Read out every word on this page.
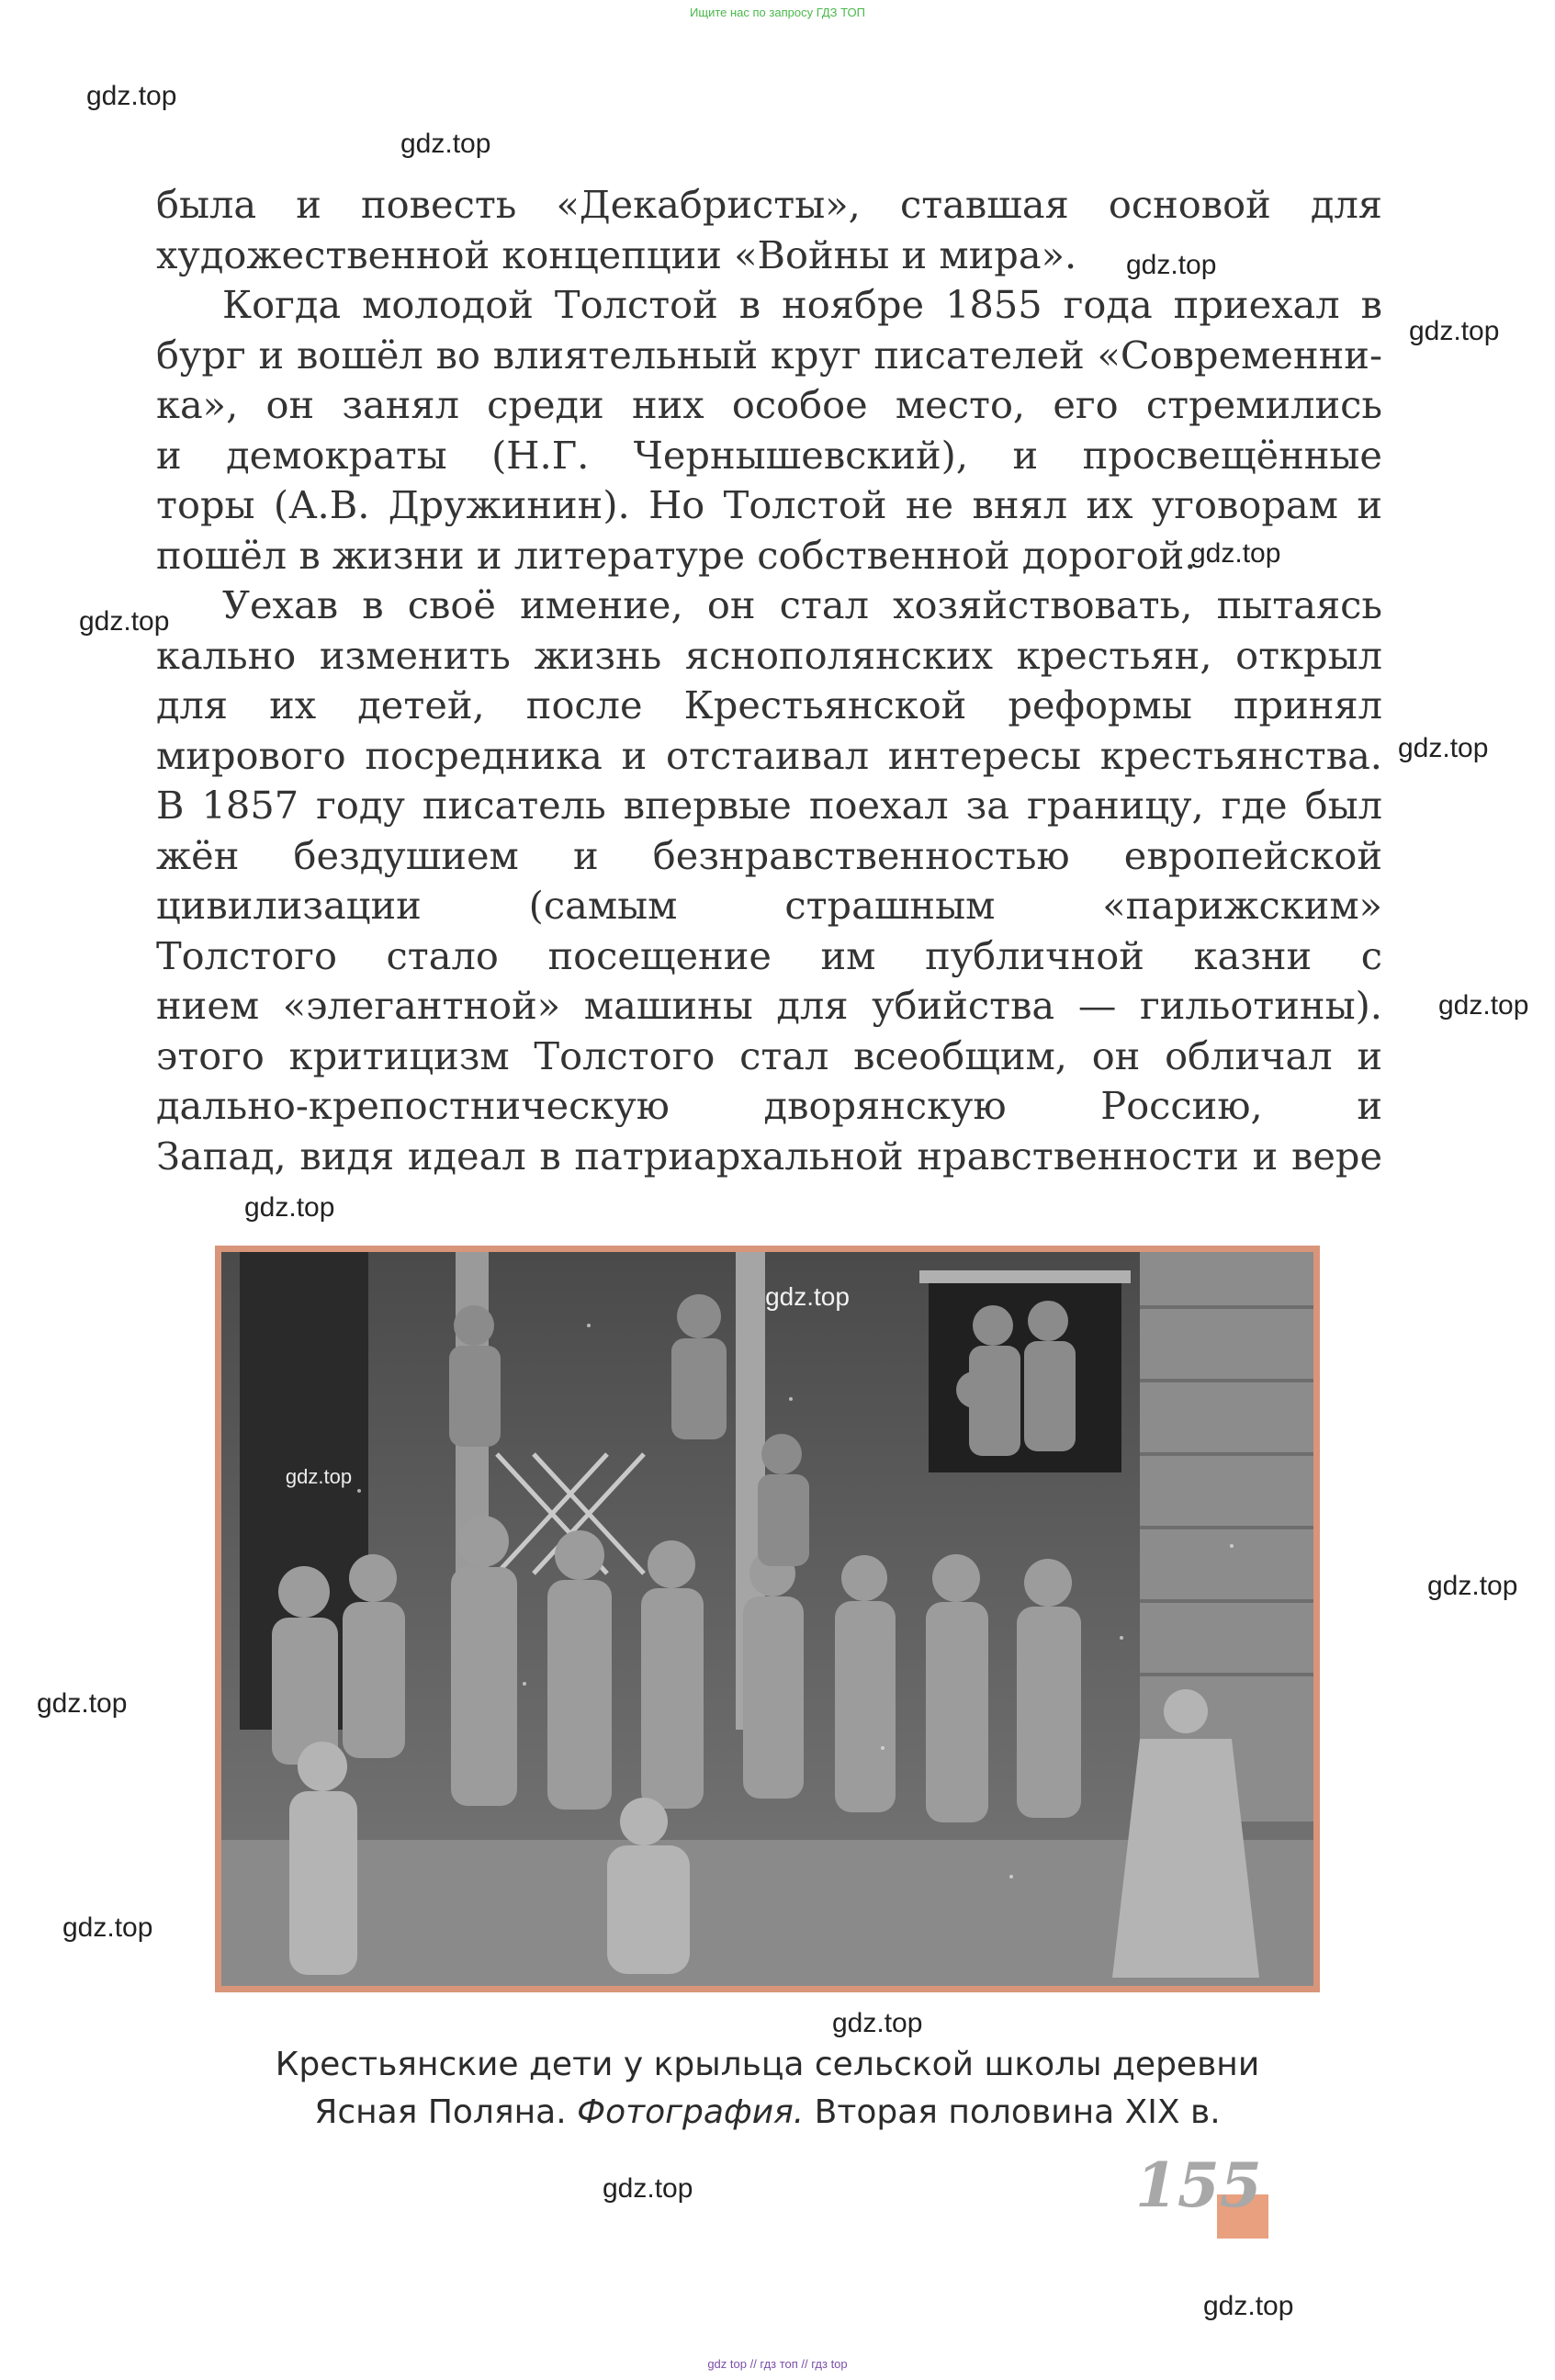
Ищите нас по запросу ГДЗ ТОП
gdz.top
gdz.top
gdz.top
gdz.top
gdz.top
gdz.top
gdz.top
gdz.top
gdz.top
gdz.top
gdz.top
gdz.top
gdz.top
gdz.top
gdz.top
была и повесть «Декабристы», ставшая основой для
художественной концепции «Войны и мира».
Когда молодой Толстой в ноябре 1855 года приехал в
бург и вошёл во влиятельный круг писателей «Современни-
ка», он занял среди них особое место, его стремились
и демократы (Н.Г. Чернышевский), и просвещённые
торы (А.В. Дружинин). Но Толстой не внял их уговорам и
пошёл в жизни и литературе собственной дорогой.
Уехав в своё имение, он стал хозяйствовать, пытаясь
кально изменить жизнь яснополянских крестьян, открыл
для их детей, после Крестьянской реформы принял
мирового посредника и отстаивал интересы крестьянства.
В 1857 году писатель впервые поехал за границу, где был
жён бездушием и безнравственностью европейской
цивилизации (самым страшным «парижским»
Толстого стало посещение им публичной казни с
нием «элегантной» машины для убийства — гильотины).
этого критицизм Толстого стал всеобщим, он обличал и
дально-крепостническую дворянскую Россию, и
Запад, видя идеал в патриархальной нравственности и вере
gdz.top
gdz.top
Крестьянские дети у крыльца сельской школы деревни
Ясная Поляна. Фотография. Вторая половина XIX в.
155
gdz top // гдз топ // гдз top
